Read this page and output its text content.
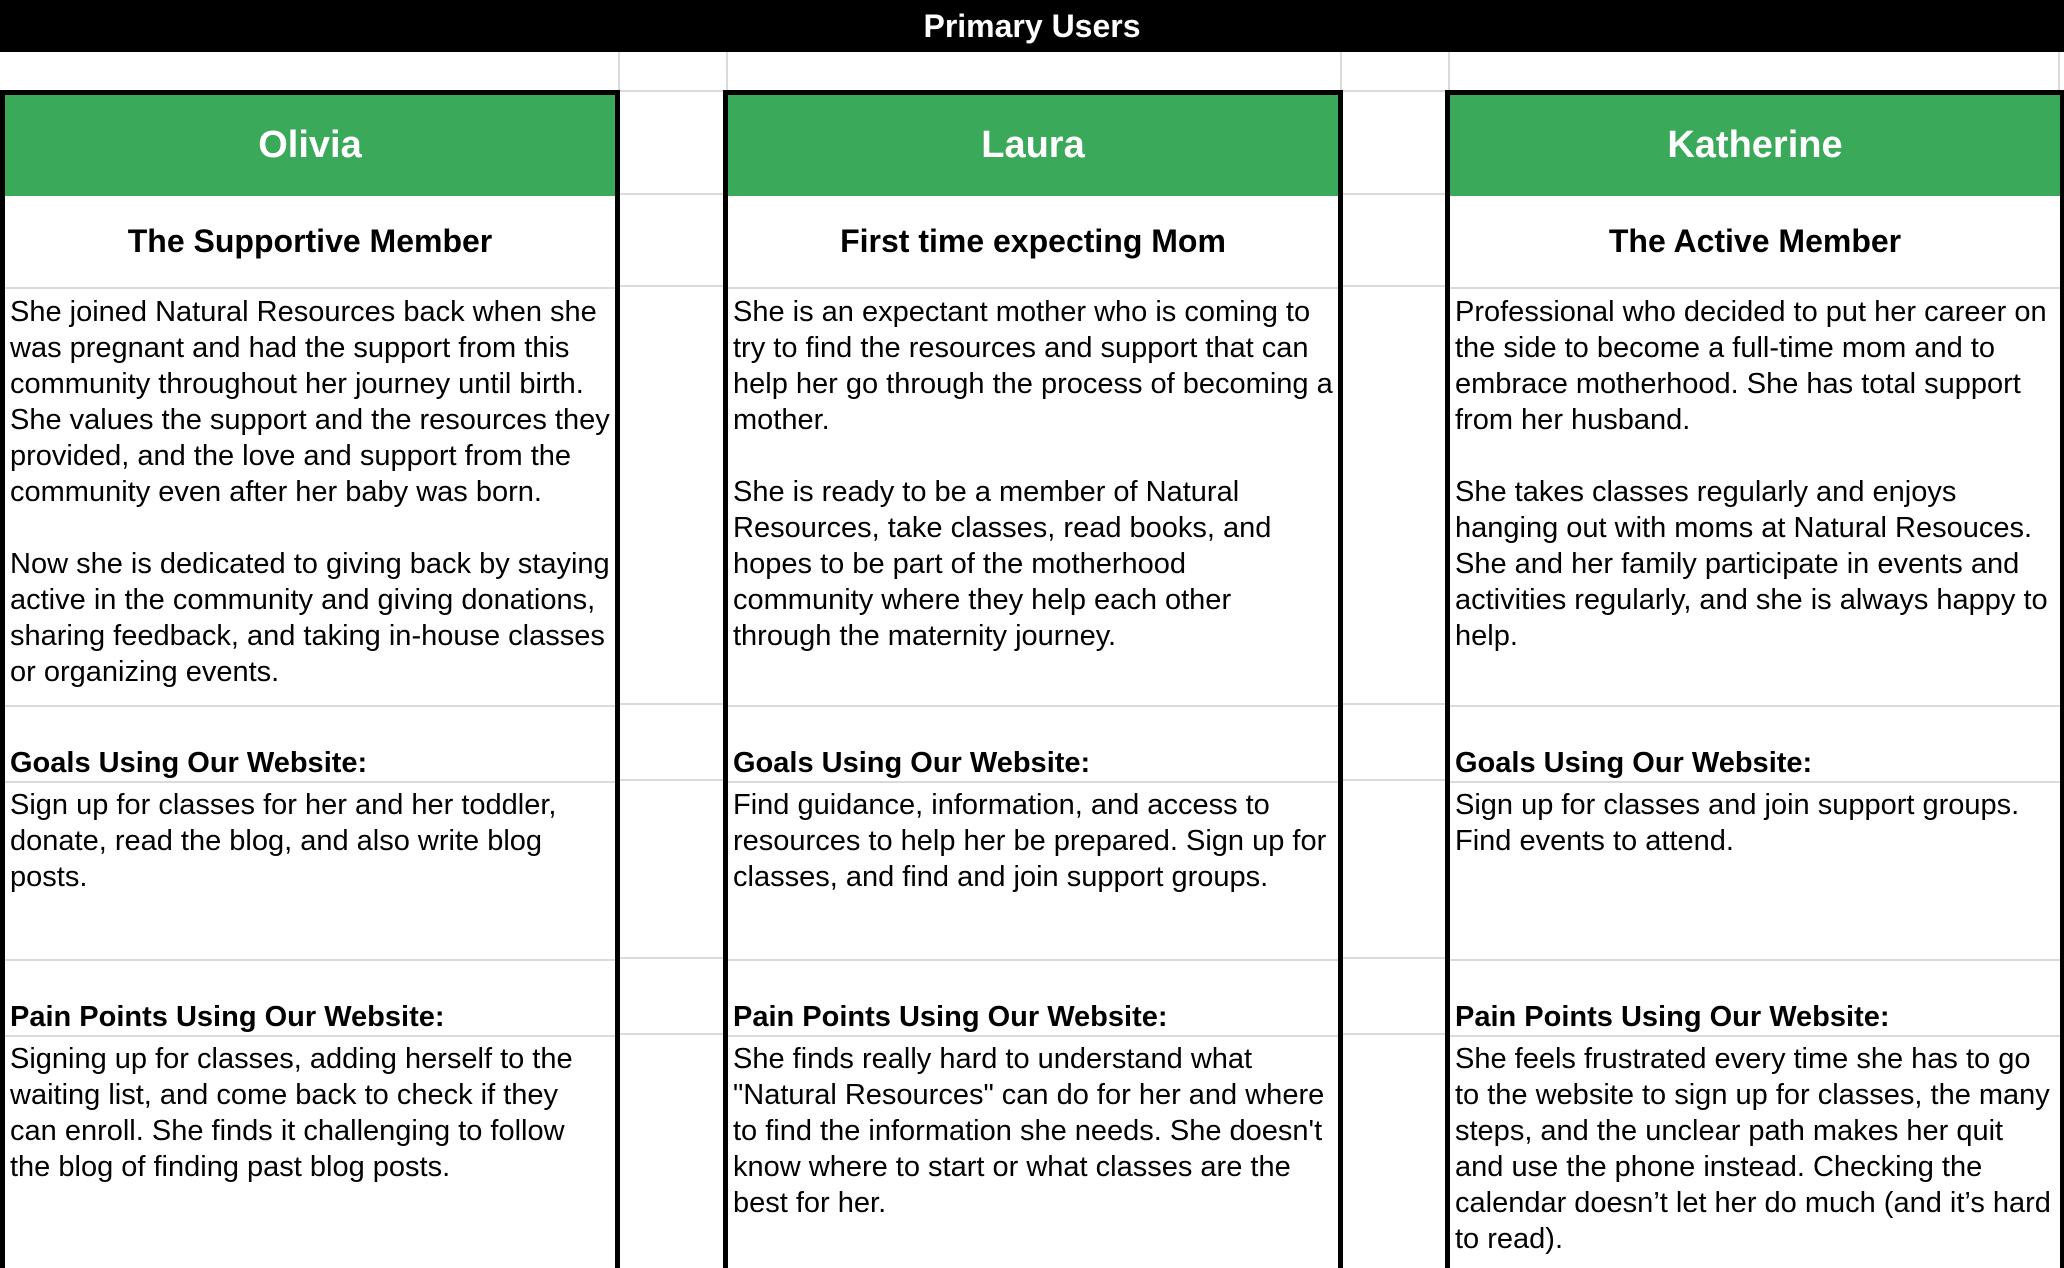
Primary Users
Olivia
The Supportive Member
She joined Natural Resources back when she was pregnant and had the support from this community throughout her journey until birth. She values the support and the resources they provided, and the love and support from the community even after her baby was born.

Now she is dedicated to giving back by staying active in the community and giving donations, sharing feedback, and taking in-house classes or organizing events.
Goals Using Our Website:
Sign up for classes for her and her toddler, donate, read the blog, and also write blog posts.
Pain Points Using Our Website:
Signing up for classes, adding herself to the waiting list, and come back to check if they can enroll. She finds it challenging to follow the blog of finding past blog posts.
Laura
First time expecting Mom
She is an expectant mother who is coming to try to find the resources and support that can help her go through the process of becoming a mother.

She is ready to be a member of Natural Resources, take classes, read books, and hopes to be part of the motherhood community where they help each other through the maternity journey.
Goals Using Our Website:
Find guidance, information, and access to resources to help her be prepared. Sign up for classes, and find and join support groups.
Pain Points Using Our Website:
She finds really hard to understand what "Natural Resources" can do for her and where to find the information she needs. She doesn't know where to start or what classes are the best for her.
Katherine
The Active Member
Professional who decided to put her career on the side to become a full-time mom and to embrace motherhood. She has total support from her husband.

She takes classes regularly and enjoys hanging out with moms at Natural Resouces. She and her family participate in events and activities regularly, and she is always happy to help.
Goals Using Our Website:
Sign up for classes and join support groups. Find events to attend.
Pain Points Using Our Website:
She feels frustrated every time she has to go to the website to sign up for classes, the many steps, and the unclear path makes her quit and use the phone instead. Checking the calendar doesn’t let her do much (and it’s hard to read).
